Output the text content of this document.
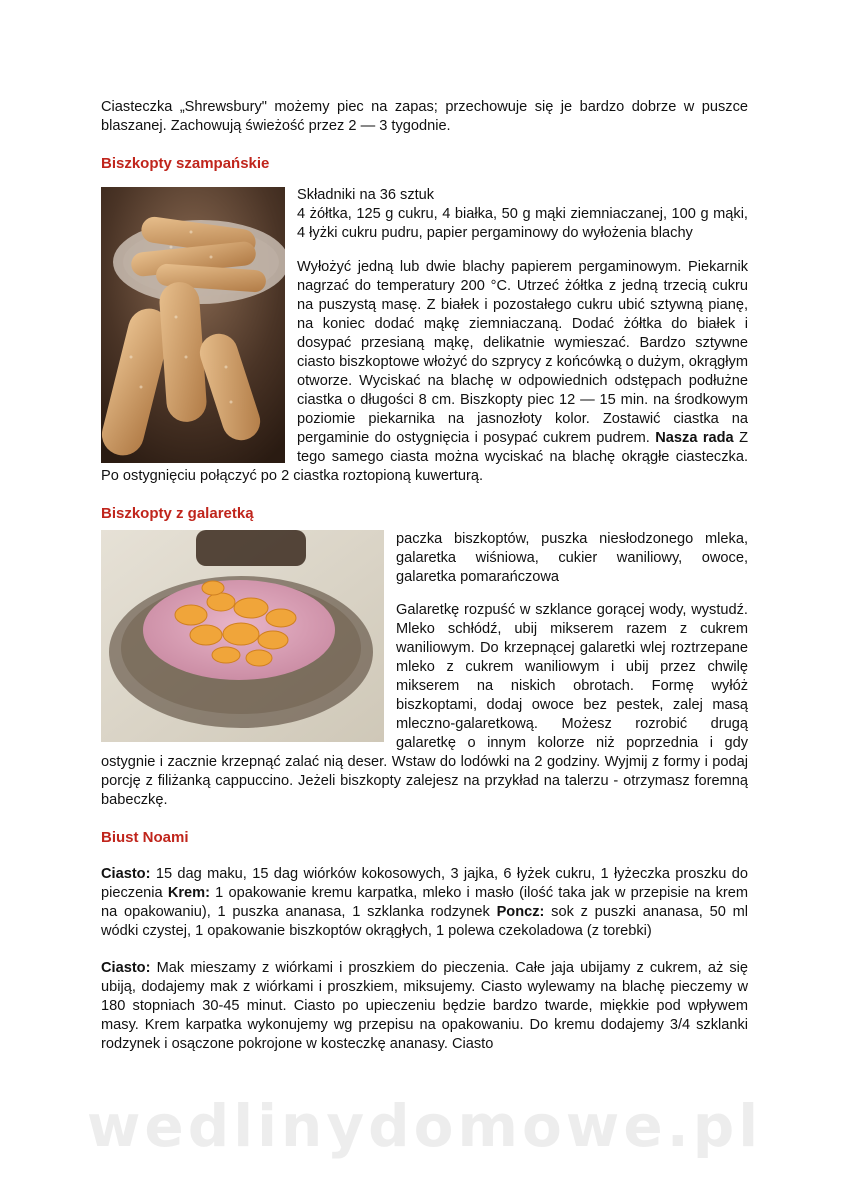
Ciasteczka „Shrewsbury" możemy piec na zapas; przechowuje się je bardzo dobrze w puszce blaszanej. Zachowują świeżość przez 2 — 3 tygodnie.

Biszkopty szampańskie

Składniki na 36 sztuk

4 żółtka, 125 g cukru, 4 białka, 50 g mąki ziemniaczanej, 100 g mąki, 4 łyżki cukru pudru, papier pergaminowy do wyłożenia blachy

Wyłożyć jedną lub dwie blachy papierem pergaminowym. Piekarnik nagrzać do temperatury 200 °C. Utrzeć żółtka z jedną trzecią cukru na puszystą masę. Z białek i pozostałego cukru ubić sztywną pianę, na koniec dodać mąkę ziemniaczaną. Dodać żółtka do białek i dosypać przesianą mąkę, delikatnie wymieszać. Bardzo sztywne ciasto biszkoptowe włożyć do szprycy z końcówką o dużym, okrągłym otworze. Wyciskać na blachę w odpowiednich odstępach podłużne ciastka o długości 8 cm. Biszkopty piec 12 — 15 min. na środkowym poziomie piekarnika na jasnozłoty kolor. Zostawić ciastka na pergaminie do ostygnięcia i posypać cukrem pudrem. Nasza rada Z tego samego ciasta można wyciskać na blachę okrągłe ciasteczka. Po ostygnięciu połączyć po 2 ciastka roztopioną kuwerturą.

Biszkopty z galaretką

paczka biszkoptów, puszka niesłodzonego mleka, galaretka wiśniowa, cukier waniliowy, owoce, galaretka pomarańczowa

Galaretkę rozpuść w szklance gorącej wody, wystudź. Mleko schłódź, ubij mikserem razem z cukrem waniliowym. Do krzepnącej galaretki wlej roztrzepane mleko z cukrem waniliowym i ubij przez chwilę mikserem na niskich obrotach. Formę wyłóż biszkoptami, dodaj owoce bez pestek, zalej masą mleczno-galaretkową. Możesz rozrobić drugą galaretkę o innym kolorze niż poprzednia i gdy ostygnie i zacznie krzepnąć zalać nią deser. Wstaw do lodówki na 2 godziny. Wyjmij z formy i podaj porcję z filiżanką cappuccino. Jeżeli biszkopty zalejesz na przykład na talerzu - otrzymasz foremną babeczkę.

Biust Noami

Ciasto: 15 dag maku, 15 dag wiórków kokosowych, 3 jajka, 6 łyżek cukru, 1 łyżeczka proszku do pieczenia Krem: 1 opakowanie kremu karpatka, mleko i masło (ilość taka jak w przepisie na krem na opakowaniu), 1 puszka ananasa, 1 szklanka rodzynek Poncz: sok z puszki ananasa, 50 ml wódki czystej, 1 opakowanie biszkoptów okrągłych, 1 polewa czekoladowa (z torebki)

Ciasto: Mak mieszamy z wiórkami i proszkiem do pieczenia. Całe jaja ubijamy z cukrem, aż się ubiją, dodajemy mak z wiórkami i proszkiem, miksujemy. Ciasto wylewamy na blachę pieczemy w 180 stopniach 30-45 minut. Ciasto po upieczeniu będzie bardzo twarde, miękkie pod wpływem masy. Krem karpatka wykonujemy wg przepisu na opakowaniu. Do kremu dodajemy 3/4 szklanki rodzynek i osączone pokrojone w kosteczkę ananasy. Ciasto

wedlinydomowe.pl
